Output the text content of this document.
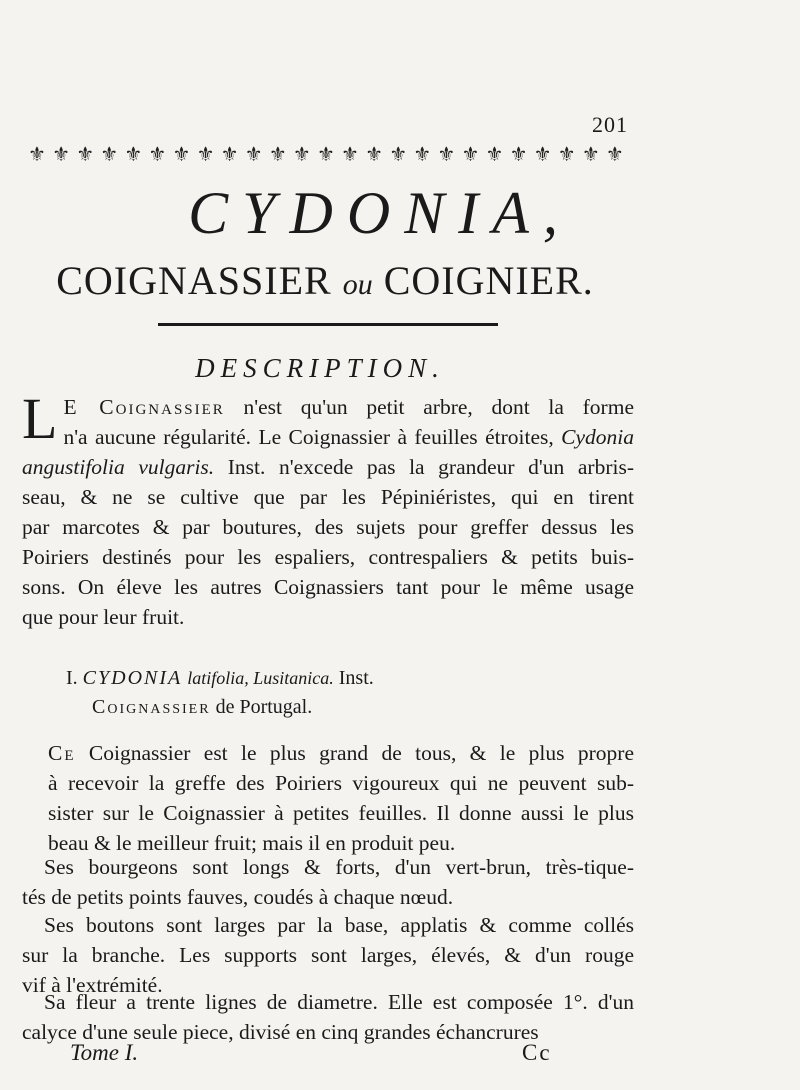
201
⚜ ⚜ ⚜ ⚜ ⚜ ⚜ ⚜ ⚜ ⚜ ⚜ ⚜ ⚜ ⚜ ⚜ ⚜ ⚜ ⚜ ⚜ ⚜ ⚜ ⚜ ⚜ ⚜ ⚜ ⚜
CYDONIA,
COIGNASSIER ou COIGNIER.
DESCRIPTION.
L E Coignassier n'est qu'un petit arbre, dont la forme
n'a aucune régularité. Le Coignassier à feuilles étroites, Cydonia
angustifolia vulgaris. Inst. n'excede pas la grandeur d'un arbris-
seau, & ne se cultive que par les Pépiniéristes, qui en tirent
par marcotes & par boutures, des sujets pour greffer dessus les
Poiriers destinés pour les espaliers, contrespaliers & petits buis-
sons. On éleve les autres Coignassiers tant pour le même usage
que pour leur fruit.
I. CYDONIA latifolia, Lusitanica. Inst.
Coignassier de Portugal.
Ce Coignassier est le plus grand de tous, & le plus propre
à recevoir la greffe des Poiriers vigoureux qui ne peuvent sub-
sister sur le Coignassier à petites feuilles. Il donne aussi le plus
beau & le meilleur fruit; mais il en produit peu.
Ses bourgeons sont longs & forts, d'un vert-brun, très-tique-
tés de petits points fauves, coudés à chaque nœud.
Ses boutons sont larges par la base, applatis & comme collés
sur la branche. Les supports sont larges, élevés, & d'un rouge
vif à l'extrémité.
Sa fleur a trente lignes de diametre. Elle est composée 1°. d'un
calyce d'une seule piece, divisé en cinq grandes échancrures
Tome I.	Cc
